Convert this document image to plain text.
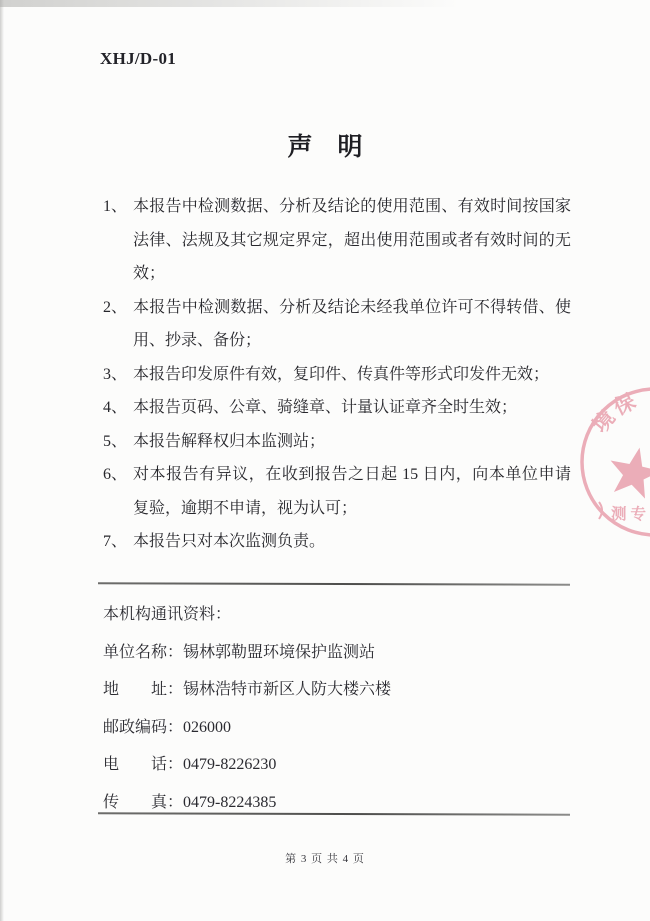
XHJ/D-01
声　明
1、 本报告中检测数据、分析及结论的使用范围、有效时间按国家法律、法规及其它规定界定，超出使用范围或者有效时间的无效；
2、 本报告中检测数据、分析及结论未经我单位许可不得转借、使用、抄录、备份；
3、 本报告印发原件有效，复印件、传真件等形式印发件无效；
4、 本报告页码、公章、骑缝章、计量认证章齐全时生效；
5、 本报告解释权归本监测站；
6、 对本报告有异议，在收到报告之日起 15 日内，向本单位申请复验，逾期不申请，视为认可；
7、 本报告只对本次监测负责。
本机构通讯资料：
单位名称：锡林郭勒盟环境保护监测站
地　　址：锡林浩特市新区人防大楼六楼
邮政编码：026000
电　　话：0479-8226230
传　　真：0479-8224385
第 3 页 共 4 页
境保
测专
